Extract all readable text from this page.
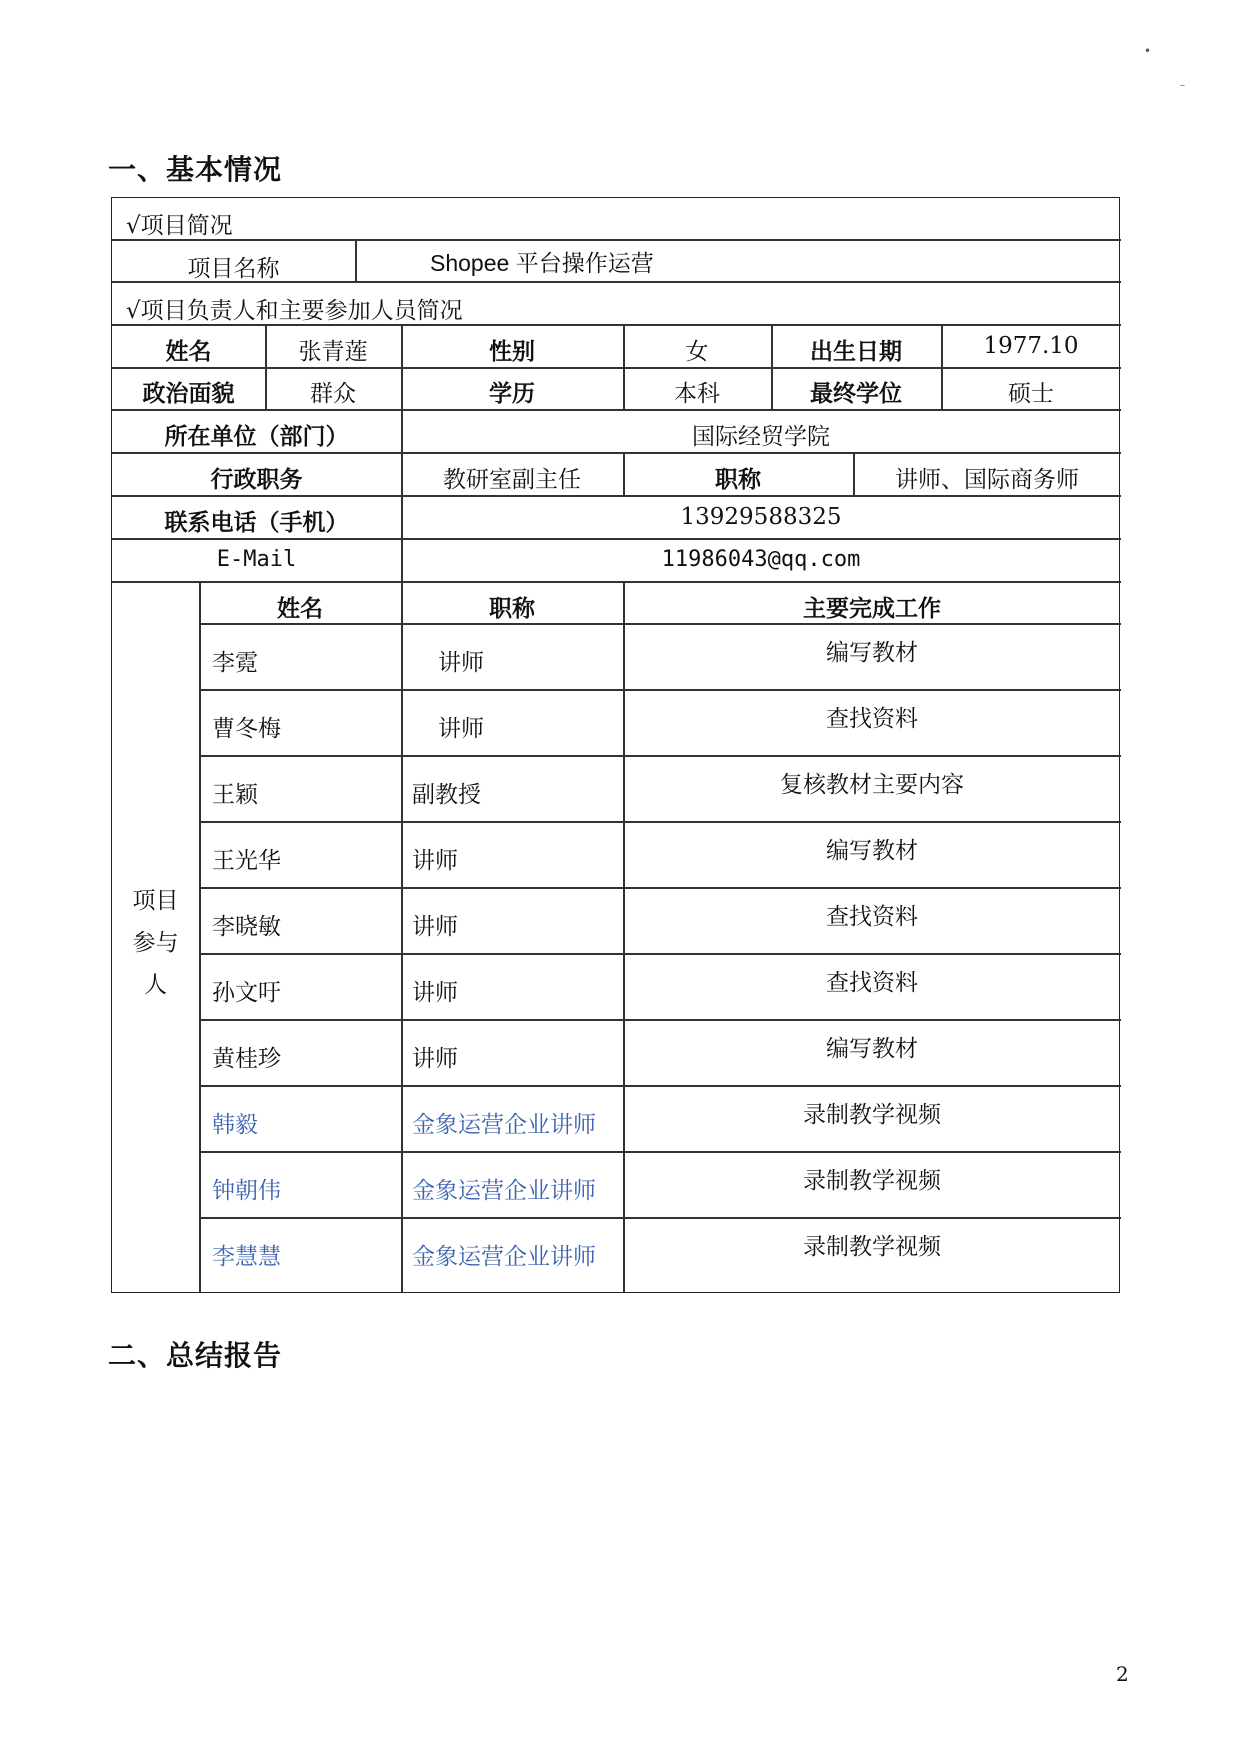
一、基本情况
√项目简况
项目名称	Shopee 平台操作运营
√项目负责人和主要参加人员简况
姓名	张青莲	性别	女	出生日期	1977.10
政治面貌	群众	学历	本科	最终学位	硕士
所在单位（部门）	国际经贸学院
行政职务	教研室副主任	职称	讲师、国际商务师
联系电话（手机）	13929588325
E-Mail	11986043@qq.com
项目参与人
姓名	职称	主要完成工作
李霓	讲师	编写教材
曹冬梅	讲师	查找资料
王颖	副教授	复核教材主要内容
王光华	讲师	编写教材
李晓敏	讲师	查找资料
孙文吁	讲师	查找资料
黄桂珍	讲师	编写教材
韩毅	金象运营企业讲师	录制教学视频
钟朝伟	金象运营企业讲师	录制教学视频
李慧慧	金象运营企业讲师	录制教学视频
二、总结报告
•
–
2
